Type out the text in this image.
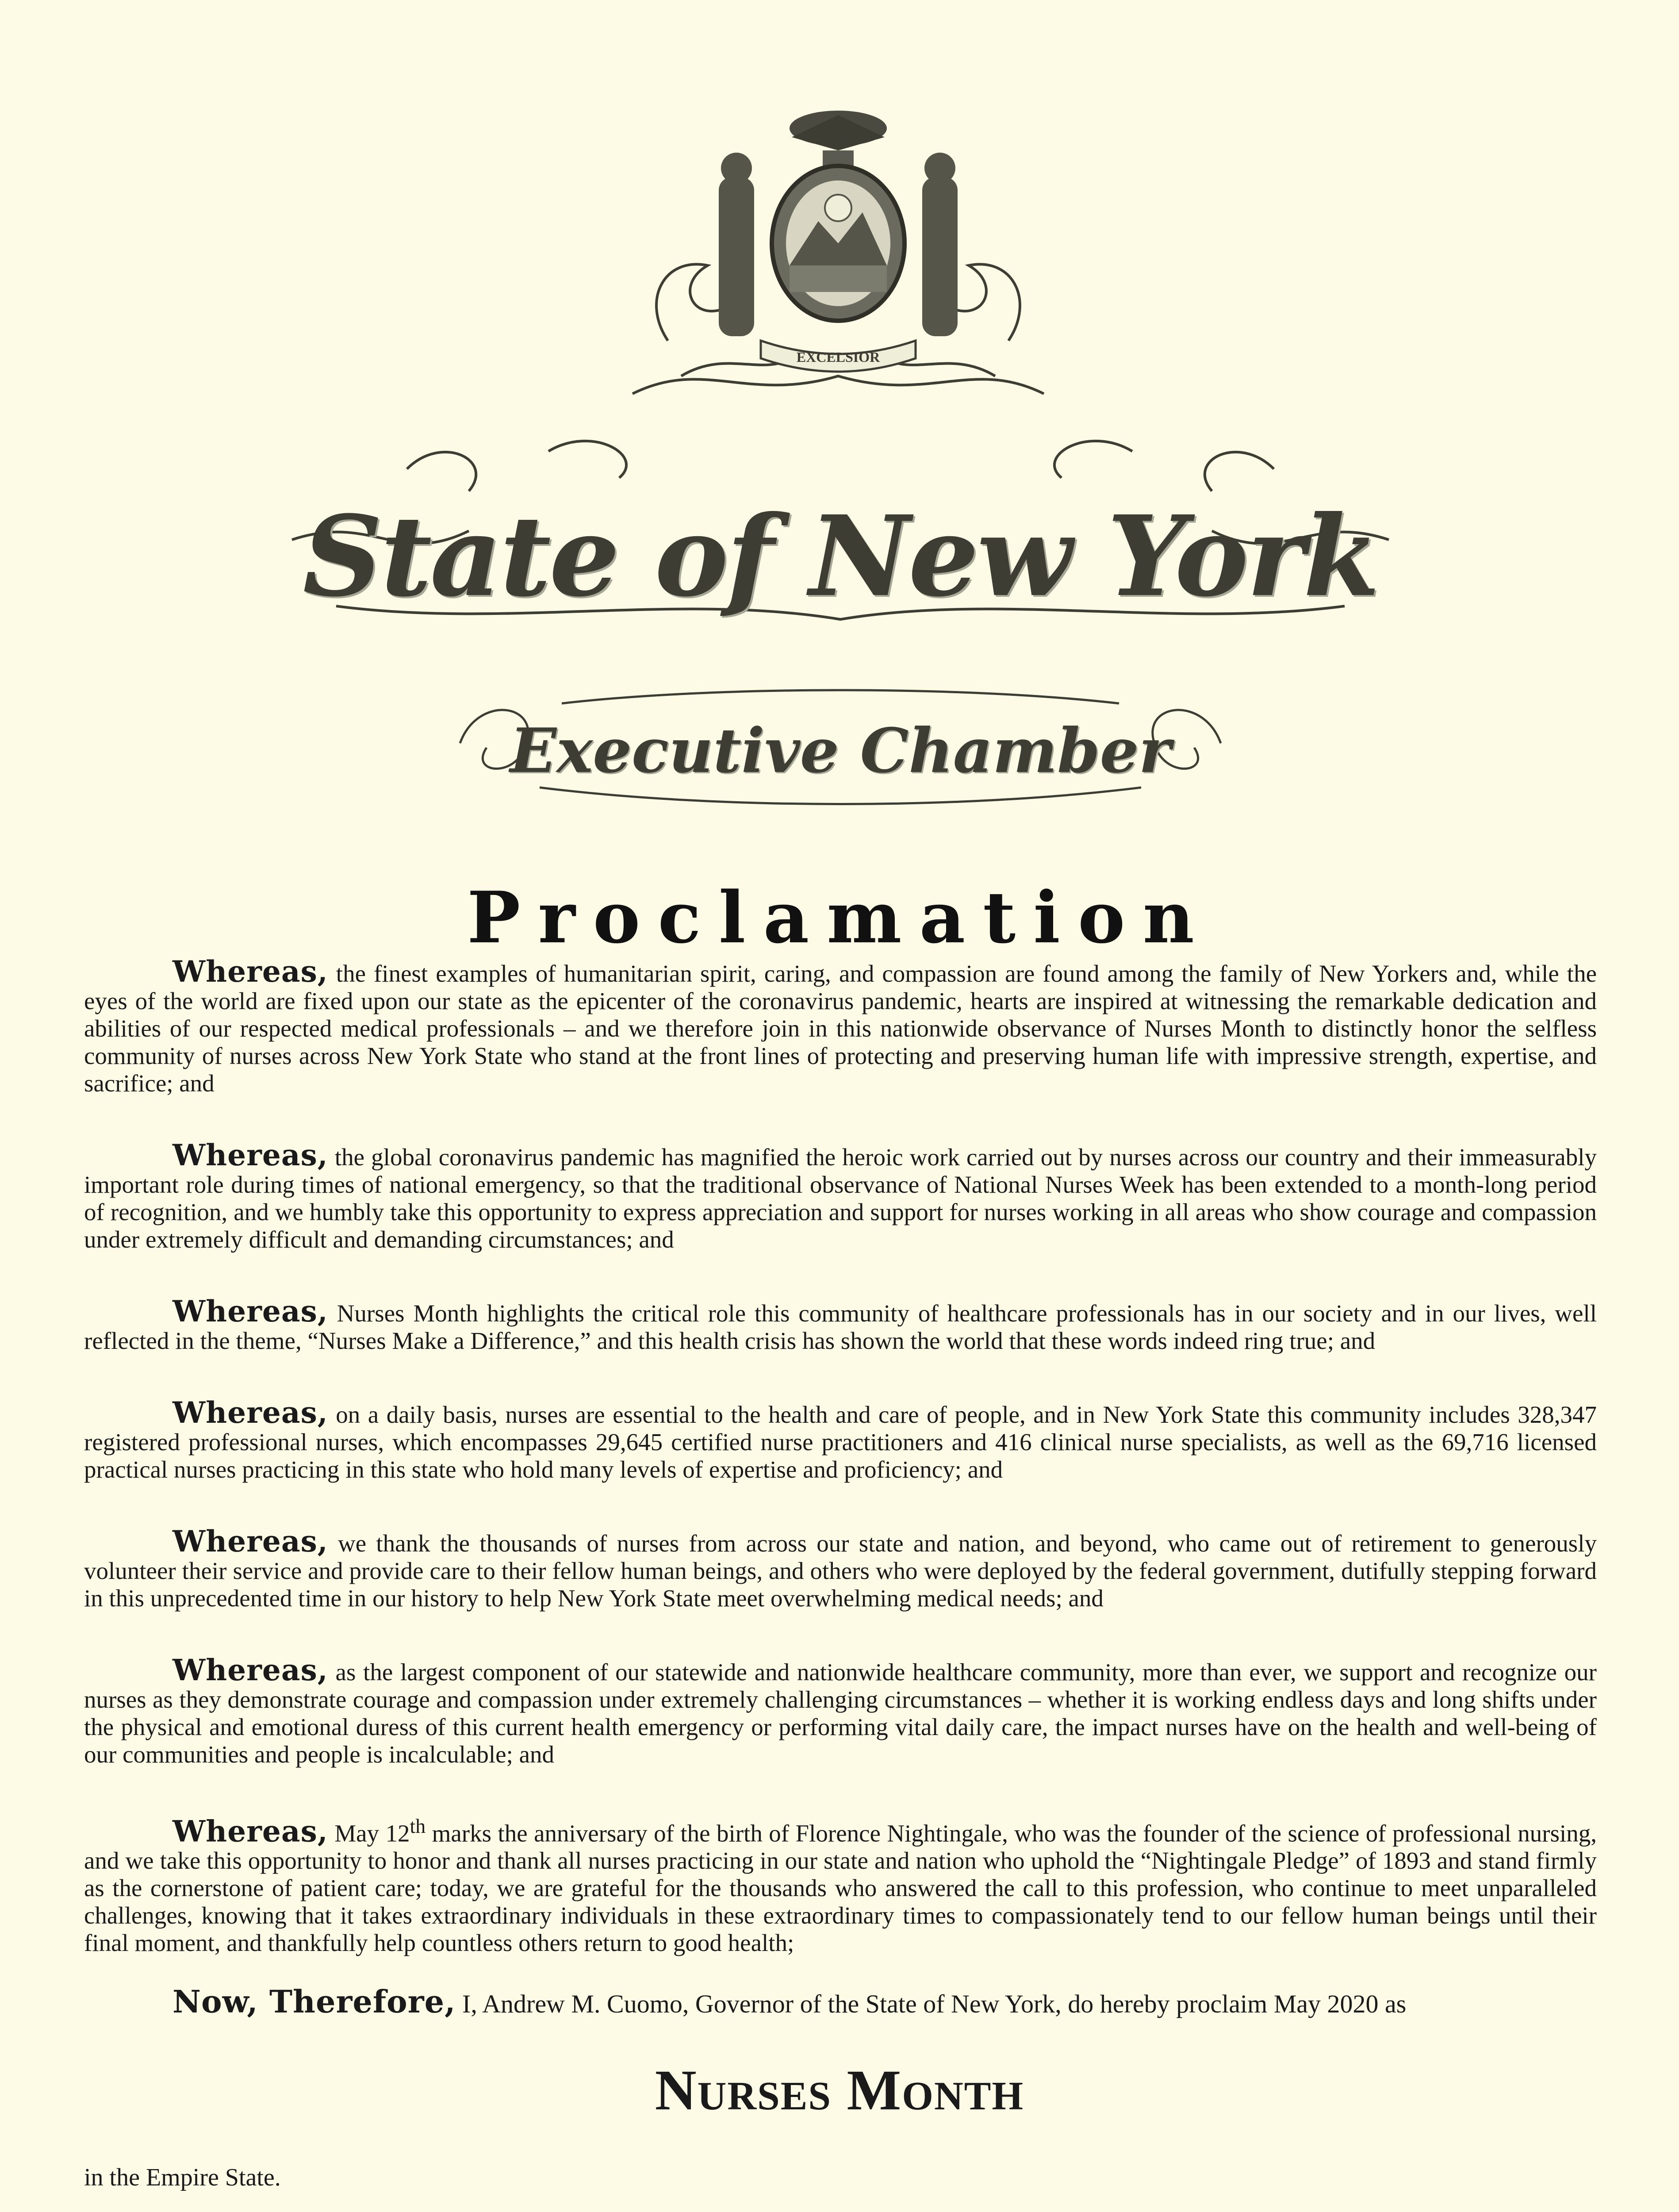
EXCELSIOR
State of New York
Executive Chamber
Proclamation

Whereas, the finest examples of humanitarian spirit, caring, and compassion are found among the family of New Yorkers and, while the eyes of the world are fixed upon our state as the epicenter of the coronavirus pandemic, hearts are inspired at witnessing the remarkable dedication and abilities of our respected medical professionals – and we therefore join in this nationwide observance of Nurses Month to distinctly honor the selfless community of nurses across New York State who stand at the front lines of protecting and preserving human life with impressive strength, expertise, and sacrifice; and

Whereas, the global coronavirus pandemic has magnified the heroic work carried out by nurses across our country and their immeasurably important role during times of national emergency, so that the traditional observance of National Nurses Week has been extended to a month-long period of recognition, and we humbly take this opportunity to express appreciation and support for nurses working in all areas who show courage and compassion under extremely difficult and demanding circumstances; and

Whereas, Nurses Month highlights the critical role this community of healthcare professionals has in our society and in our lives, well reflected in the theme, “Nurses Make a Difference,” and this health crisis has shown the world that these words indeed ring true; and

Whereas, on a daily basis, nurses are essential to the health and care of people, and in New York State this community includes 328,347 registered professional nurses, which encompasses 29,645 certified nurse practitioners and 416 clinical nurse specialists, as well as the 69,716 licensed practical nurses practicing in this state who hold many levels of expertise and proficiency; and

Whereas, we thank the thousands of nurses from across our state and nation, and beyond, who came out of retirement to generously volunteer their service and provide care to their fellow human beings, and others who were deployed by the federal government, dutifully stepping forward in this unprecedented time in our history to help New York State meet overwhelming medical needs; and

Whereas, as the largest component of our statewide and nationwide healthcare community, more than ever, we support and recognize our nurses as they demonstrate courage and compassion under extremely challenging circumstances – whether it is working endless days and long shifts under the physical and emotional duress of this current health emergency or performing vital daily care, the impact nurses have on the health and well-being of our communities and people is incalculable; and

Whereas, May 12th marks the anniversary of the birth of Florence Nightingale, who was the founder of the science of professional nursing, and we take this opportunity to honor and thank all nurses practicing in our state and nation who uphold the “Nightingale Pledge” of 1893 and stand firmly as the cornerstone of patient care; today, we are grateful for the thousands who answered the call to this profession, who continue to meet unparalleled challenges, knowing that it takes extraordinary individuals in these extraordinary times to compassionately tend to our fellow human beings until their final moment, and thankfully help countless others return to good health;

Now, Therefore, I, Andrew M. Cuomo, Governor of the State of New York, do hereby proclaim May 2020 as

Nurses Month
in the Empire State.
